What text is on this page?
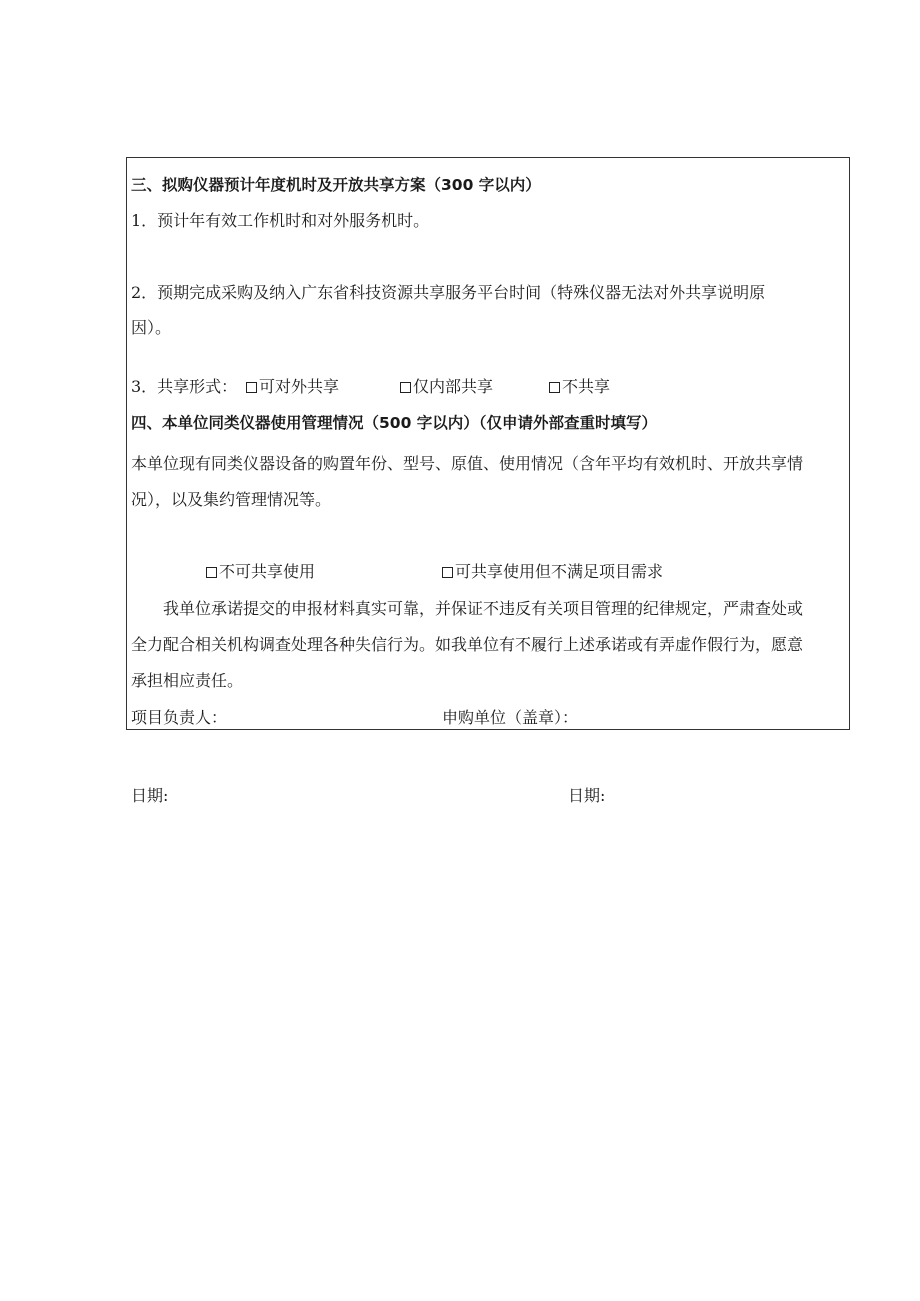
三、拟购仪器预计年度机时及开放共享方案（300 字以内）
1．预计年有效工作机时和对外服务机时。
2．预期完成采购及纳入广东省科技资源共享服务平台时间（特殊仪器无法对外共享说明原
因）。
3．共享形式：	可对外共享	仅内部共享	不共享
四、本单位同类仪器使用管理情况（500 字以内）（仅申请外部查重时填写）
本单位现有同类仪器设备的购置年份、型号、原值、使用情况（含年平均有效机时、开放共享情
况），以及集约管理情况等。
不可共享使用	可共享使用但不满足项目需求
我单位承诺提交的申报材料真实可靠，并保证不违反有关项目管理的纪律规定，严肃查处或
全力配合相关机构调查处理各种失信行为。如我单位有不履行上述承诺或有弄虚作假行为，愿意
承担相应责任。
项目负责人：	申购单位（盖章）：
日期:	日期:
